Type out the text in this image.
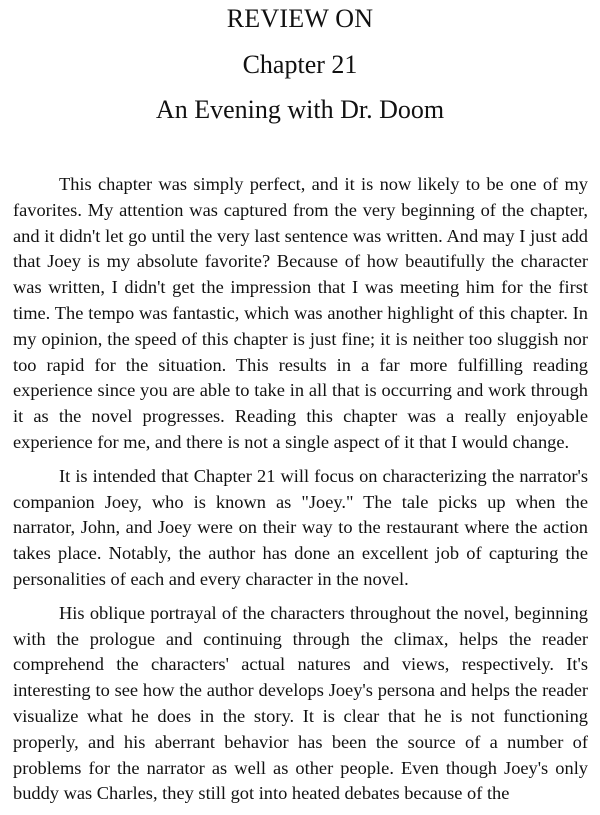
REVIEW ON
Chapter 21
An Evening with Dr. Doom

This chapter was simply perfect, and it is now likely to be one of my favorites. My attention was captured from the very beginning of the chapter, and it didn't let go until the very last sentence was written. And may I just add that Joey is my absolute favorite? Because of how beautifully the character was written, I didn't get the impression that I was meeting him for the first time. The tempo was fantastic, which was another highlight of this chapter. In my opinion, the speed of this chapter is just fine; it is neither too sluggish nor too rapid for the situation. This results in a far more fulfilling reading experience since you are able to take in all that is occurring and work through it as the novel progresses. Reading this chapter was a really enjoyable experience for me, and there is not a single aspect of it that I would change.

It is intended that Chapter 21 will focus on characterizing the narrator's companion Joey, who is known as "Joey." The tale picks up when the narrator, John, and Joey were on their way to the restaurant where the action takes place. Notably, the author has done an excellent job of capturing the personalities of each and every character in the novel.

His oblique portrayal of the characters throughout the novel, beginning with the prologue and continuing through the climax, helps the reader comprehend the characters' actual natures and views, respectively. It's interesting to see how the author develops Joey's persona and helps the reader visualize what he does in the story. It is clear that he is not functioning properly, and his aberrant behavior has been the source of a number of problems for the narrator as well as other people. Even though Joey's only buddy was Charles, they still got into heated debates because of the
